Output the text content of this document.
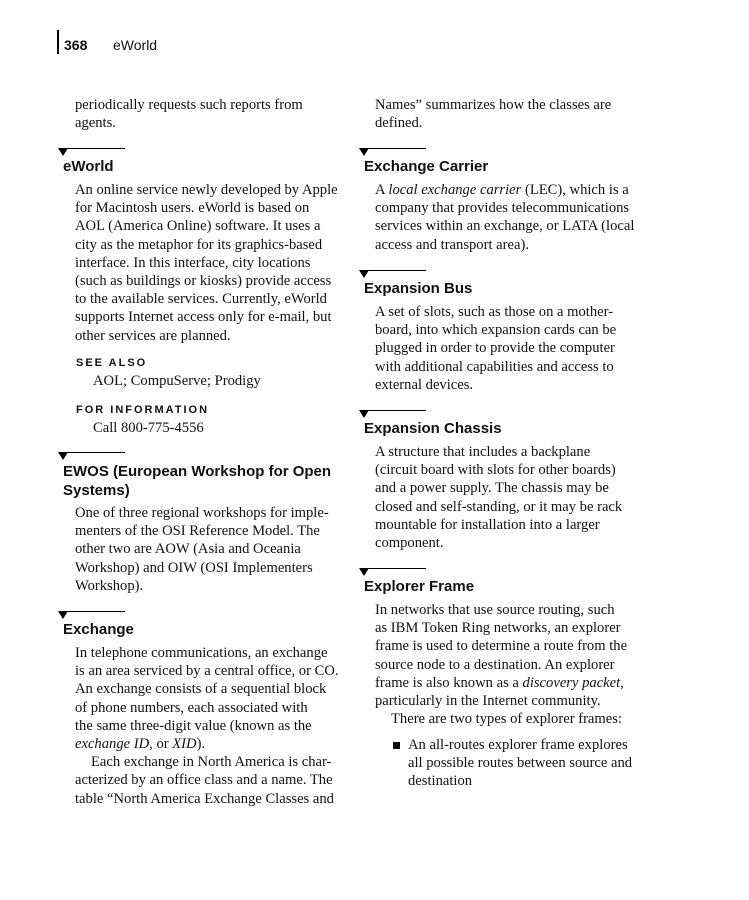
368 eWorld
periodically requests such reports from
agents.
eWorld
An online service newly developed by Apple
for Macintosh users. eWorld is based on
AOL (America Online) software. It uses a
city as the metaphor for its graphics-based
interface. In this interface, city locations
(such as buildings or kiosks) provide access
to the available services. Currently, eWorld
supports Internet access only for e-mail, but
other services are planned.
SEE ALSO
AOL; CompuServe; Prodigy
FOR INFORMATION
Call 800-775-4556
EWOS (European Workshop for Open
Systems)
One of three regional workshops for imple-
menters of the OSI Reference Model. The
other two are AOW (Asia and Oceania
Workshop) and OIW (OSI Implementers
Workshop).
Exchange
In telephone communications, an exchange
is an area serviced by a central office, or CO.
An exchange consists of a sequential block
of phone numbers, each associated with
the same three-digit value (known as the
exchange ID, or XID).
Each exchange in North America is char-
acterized by an office class and a name. The
table “North America Exchange Classes and
Names” summarizes how the classes are
defined.
Exchange Carrier
A local exchange carrier (LEC), which is a
company that provides telecommunications
services within an exchange, or LATA (local
access and transport area).
Expansion Bus
A set of slots, such as those on a mother-
board, into which expansion cards can be
plugged in order to provide the computer
with additional capabilities and access to
external devices.
Expansion Chassis
A structure that includes a backplane
(circuit board with slots for other boards)
and a power supply. The chassis may be
closed and self-standing, or it may be rack
mountable for installation into a larger
component.
Explorer Frame
In networks that use source routing, such
as IBM Token Ring networks, an explorer
frame is used to determine a route from the
source node to a destination. An explorer
frame is also known as a discovery packet,
particularly in the Internet community.
There are two types of explorer frames:
An all-routes explorer frame explores
all possible routes between source and
destination
